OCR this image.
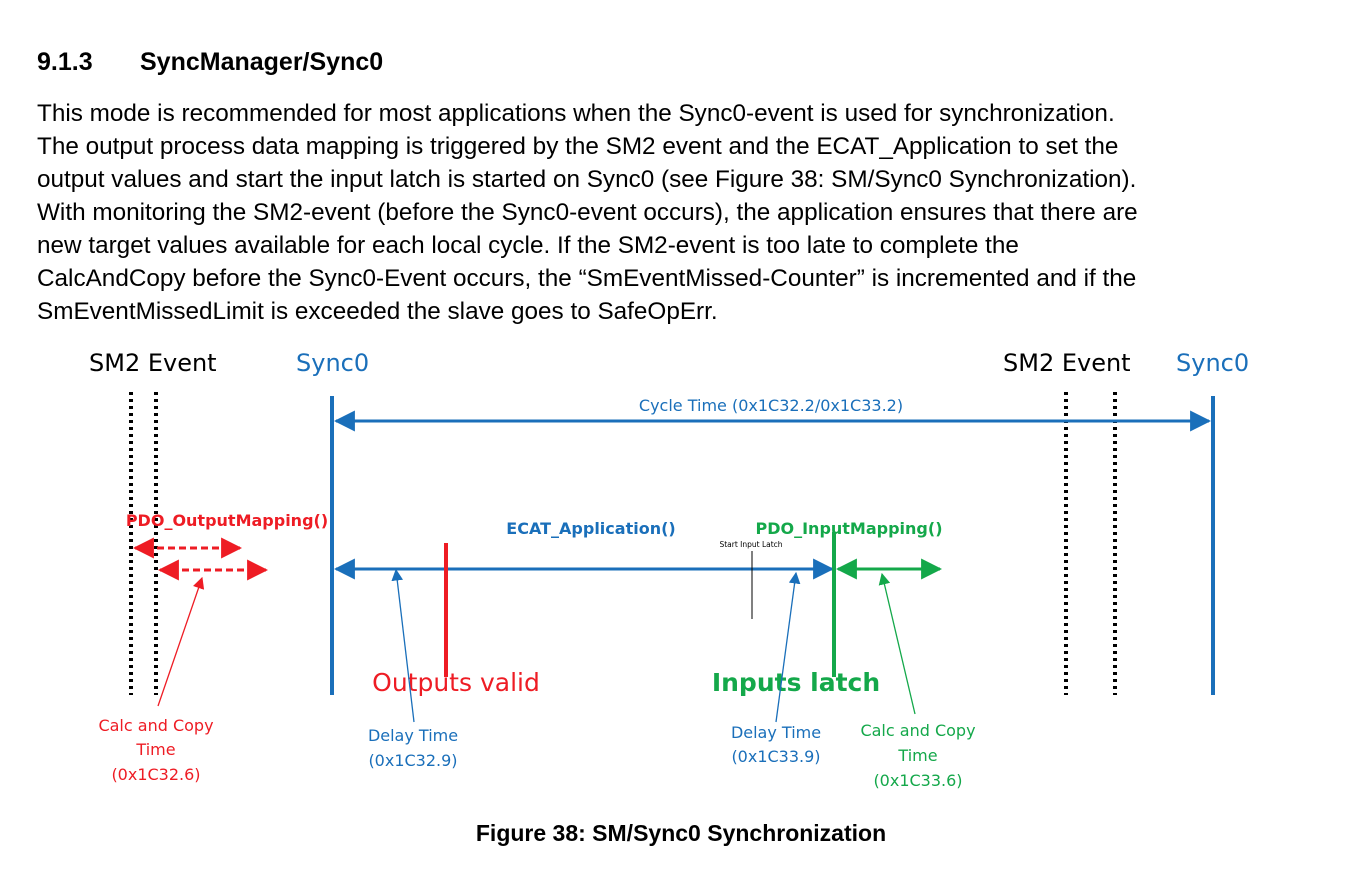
9.1.3 SyncManager/Sync0
This mode is recommended for most applications when the Sync0-event is used for synchronization.
The output process data mapping is triggered by the SM2 event and the ECAT_Application to set the
output values and start the input latch is started on Sync0 (see Figure 38: SM/Sync0 Synchronization).
With monitoring the SM2-event (before the Sync0-event occurs), the application ensures that there are
new target values available for each local cycle. If the SM2-event is too late to complete the
CalcAndCopy before the Sync0-Event occurs, the “SmEventMissed-Counter” is incremented and if the
SmEventMissedLimit is exceeded the slave goes to SafeOpErr.
SM2 Event	Sync0	SM2 Event Sync0
Cycle Time (0x1C32.2/0x1C33.2)
PDO_OutputMapping()	ECAT_Application()
Start Input Latch
PDO_InputMapping()
Outputs valid	Inputs latch
Calc and Copy
Time
(0x1C32.6)
Delay Time
(0x1C32.9)
Delay Time
(0x1C33.9)
Calc and Copy
Time
(0x1C33.6)
Figure 38: SM/Sync0 Synchronization
